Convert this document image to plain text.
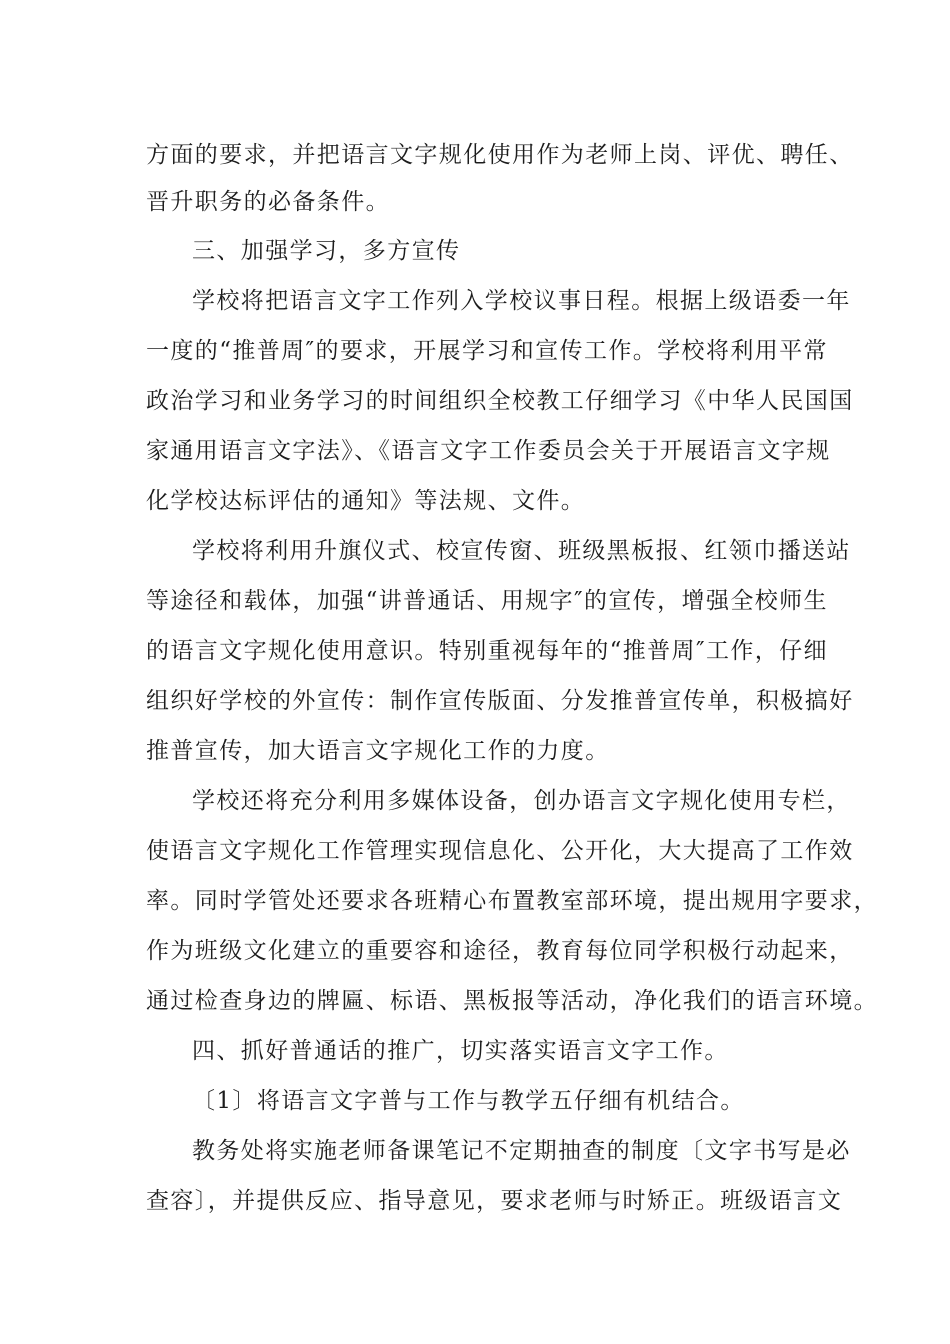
方面的要求，并把语言文字规化使用作为老师上岗、评优、聘任、
晋升职务的必备条件。
三、加强学习，多方宣传
学校将把语言文字工作列入学校议事日程。根据上级语委一年
一度的“推普周″的要求，开展学习和宣传工作。学校将利用平常
政治学习和业务学习的时间组织全校教工仔细学习《中华人民国国
家通用语言文字法》、《语言文字工作委员会关于开展语言文字规
化学校达标评估的通知》等法规、文件。
学校将利用升旗仪式、校宣传窗、班级黑板报、红领巾播送站
等途径和载体，加强“讲普通话、用规字″的宣传，增强全校师生
的语言文字规化使用意识。特别重视每年的“推普周″工作，仔细
组织好学校的外宣传：制作宣传版面、分发推普宣传单，积极搞好
推普宣传，加大语言文字规化工作的力度。
学校还将充分利用多媒体设备，创办语言文字规化使用专栏，
使语言文字规化工作管理实现信息化、公开化，大大提高了工作效
率。同时学管处还要求各班精心布置教室部环境，提出规用字要求，
作为班级文化建立的重要容和途径，教育每位同学积极行动起来，
通过检查身边的牌匾、标语、黑板报等活动，净化我们的语言环境。
四、抓好普通话的推广，切实落实语言文字工作。
〔1〕将语言文字普与工作与教学五仔细有机结合。
教务处将实施老师备课笔记不定期抽查的制度〔文字书写是必
查容〕，并提供反应、指导意见，要求老师与时矫正。班级语言文
